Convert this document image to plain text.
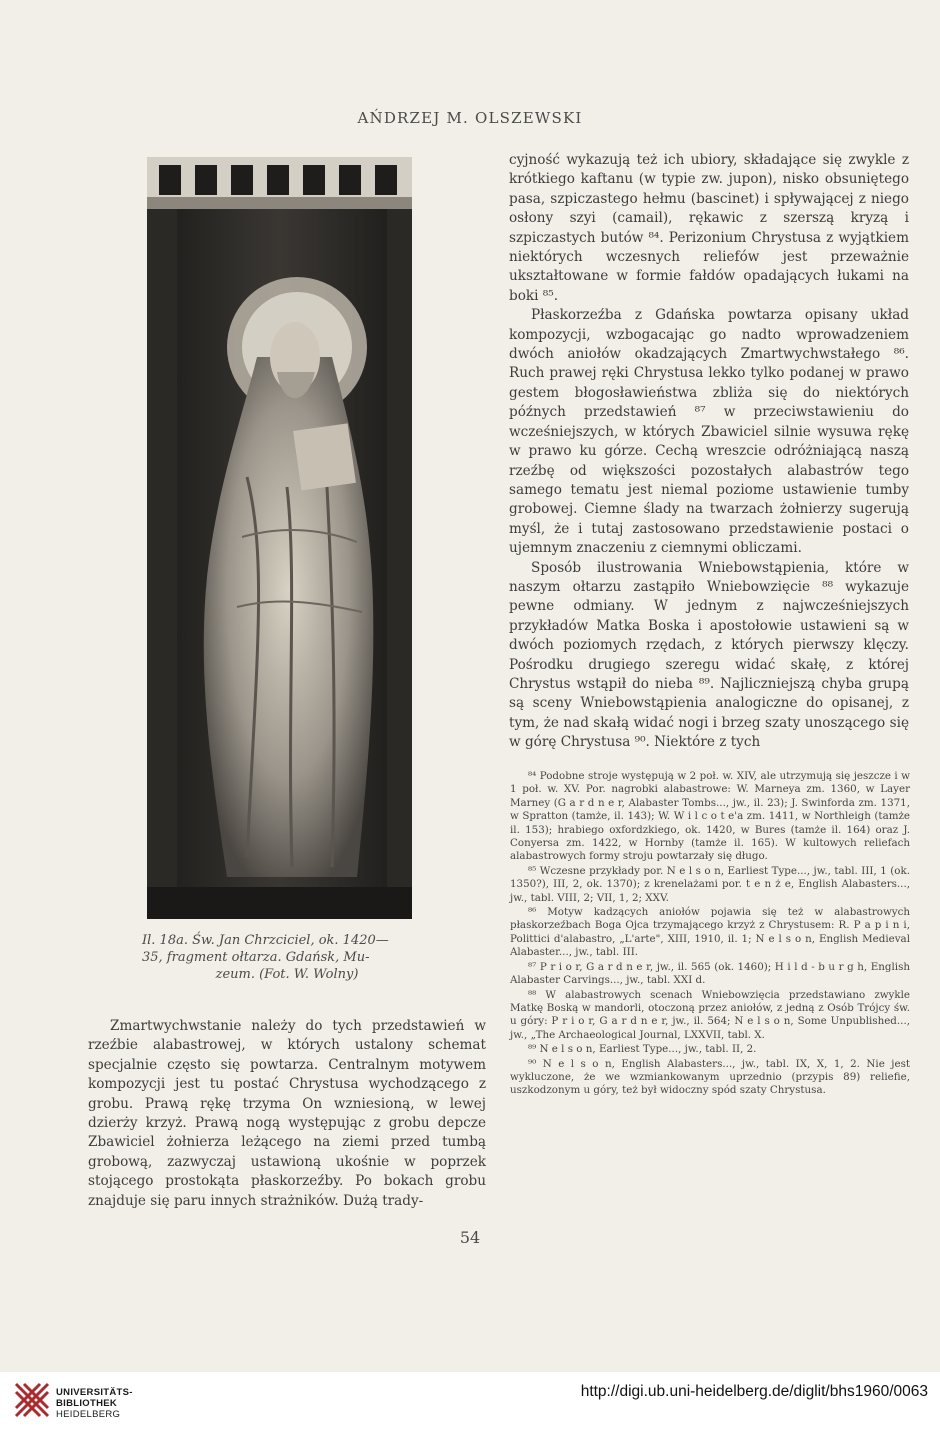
AŃDRZEJ M. OLSZEWSKI
Il. 18a. Św. Jan Chrzciciel, ok. 1420—
35, fragment ołtarza. Gdańsk, Mu-
zeum. (Fot. W. Wolny)

cyjność wykazują też ich ubiory, składające się zwykle z krótkiego kaftanu (w typie zw. jupon), nisko obsuniętego pasa, szpiczastego hełmu (bascinet) i spływającej z niego osłony szyi (camail), rękawic z szerszą kryzą i szpiczastych butów ⁸⁴. Perizonium Chrystusa z wyjątkiem niektórych wczesnych reliefów jest przeważnie ukształtowane w formie fałdów opadających łukami na boki ⁸⁵.

Płaskorzeźba z Gdańska powtarza opisany układ kompozycji, wzbogacając go nadto wprowadzeniem dwóch aniołów okadzających Zmartwychwstałego ⁸⁶. Ruch prawej ręki Chrystusa lekko tylko podanej w prawo gestem błogosławieństwa zbliża się do niektórych późnych przedstawień ⁸⁷ w przeciwstawieniu do wcześniejszych, w których Zbawiciel silnie wysuwa rękę w prawo ku górze. Cechą wreszcie odróżniającą naszą rzeźbę od większości pozostałych alabastrów tego samego tematu jest niemal poziome ustawienie tumby grobowej. Ciemne ślady na twarzach żołnierzy sugerują myśl, że i tutaj zastosowano przedstawienie postaci o ujemnym znaczeniu z ciemnymi obliczami.

Sposób ilustrowania Wniebowstąpienia, które w naszym ołtarzu zastąpiło Wniebowzięcie ⁸⁸ wykazuje pewne odmiany. W jednym z najwcześniejszych przykładów Matka Boska i apostołowie ustawieni są w dwóch poziomych rzędach, z których pierwszy klęczy. Pośrodku drugiego szeregu widać skałę, z której Chrystus wstąpił do nieba ⁸⁹. Najliczniejszą chyba grupą są sceny Wniebowstąpienia analogiczne do opisanej, z tym, że nad skałą widać nogi i brzeg szaty unoszącego się w górę Chrystusa ⁹⁰. Niektóre z tych

⁸⁴ Podobne stroje występują w 2 poł. w. XIV, ale utrzymują się jeszcze i w 1 poł. w. XV. Por. nagrobki alabastrowe: W. Marneya zm. 1360, w Layer Marney (G a r d n e r, Alabaster Tombs..., jw., il. 23); J. Swinforda zm. 1371, w Spratton (tamże, il. 143); W. W i l c o t e'a zm. 1411, w Northleigh (tamże il. 153); hrabiego oxfordzkiego, ok. 1420, w Bures (tamże il. 164) oraz J. Conyersa zm. 1422, w Hornby (tamże il. 165). W kultowych reliefach alabastrowych formy stroju powtarzały się długo.

⁸⁵ Wczesne przykłady por. N e l s o n, Earliest Type..., jw., tabl. III, 1 (ok. 1350?), III, 2, ok. 1370); z krenelażami por. t e n ż e, English Alabasters..., jw., tabl. VIII, 2; VII, 1, 2; XXV.

⁸⁶ Motyw kadzących aniołów pojawia się też w alabastrowych płaskorzeźbach Boga Ojca trzymającego krzyż z Chrystusem: R. P a p i n i, Polittici d'alabastro, „L'arte", XIII, 1910, il. 1; N e l s o n, English Medieval Alabaster..., jw., tabl. III.

⁸⁷ P r i o r, G a r d n e r, jw., il. 565 (ok. 1460); H i l d - b u r g h, English Alabaster Carvings..., jw., tabl. XXI d.

⁸⁸ W alabastrowych scenach Wniebowzięcia przedstawiano zwykle Matkę Boską w mandorli, otoczoną przez aniołów, z jedną z Osób Trójcy św. u góry: P r i o r, G a r d n e r, jw., il. 564; N e l s o n, Some Unpublished..., jw., „The Archaeological Journal, LXXVII, tabl. X.

⁸⁹ N e l s o n, Earliest Type..., jw., tabl. II, 2.

⁹⁰ N e l s o n, English Alabasters..., jw., tabl. IX, X, 1, 2. Nie jest wykluczone, że we wzmiankowanym uprzednio (przypis 89) reliefie, uszkodzonym u góry, też był widoczny spód szaty Chrystusa.

Zmartwychwstanie należy do tych przedstawień w rzeźbie alabastrowej, w których ustalony schemat specjalnie często się powtarza. Centralnym motywem kompozycji jest tu postać Chrystusa wychodzącego z grobu. Prawą rękę trzyma On wzniesioną, w lewej dzierży krzyż. Prawą nogą występując z grobu depcze Zbawiciel żołnierza leżącego na ziemi przed tumbą grobową, zazwyczaj ustawioną ukośnie w poprzek stojącego prostokąta płaskorzeźby. Po bokach grobu znajduje się paru innych strażników. Dużą trady-

54
UNIVERSITÄTS-
BIBLIOTHEK
HEIDELBERG
http://digi.ub.uni-heidelberg.de/diglit/bhs1960/0063
